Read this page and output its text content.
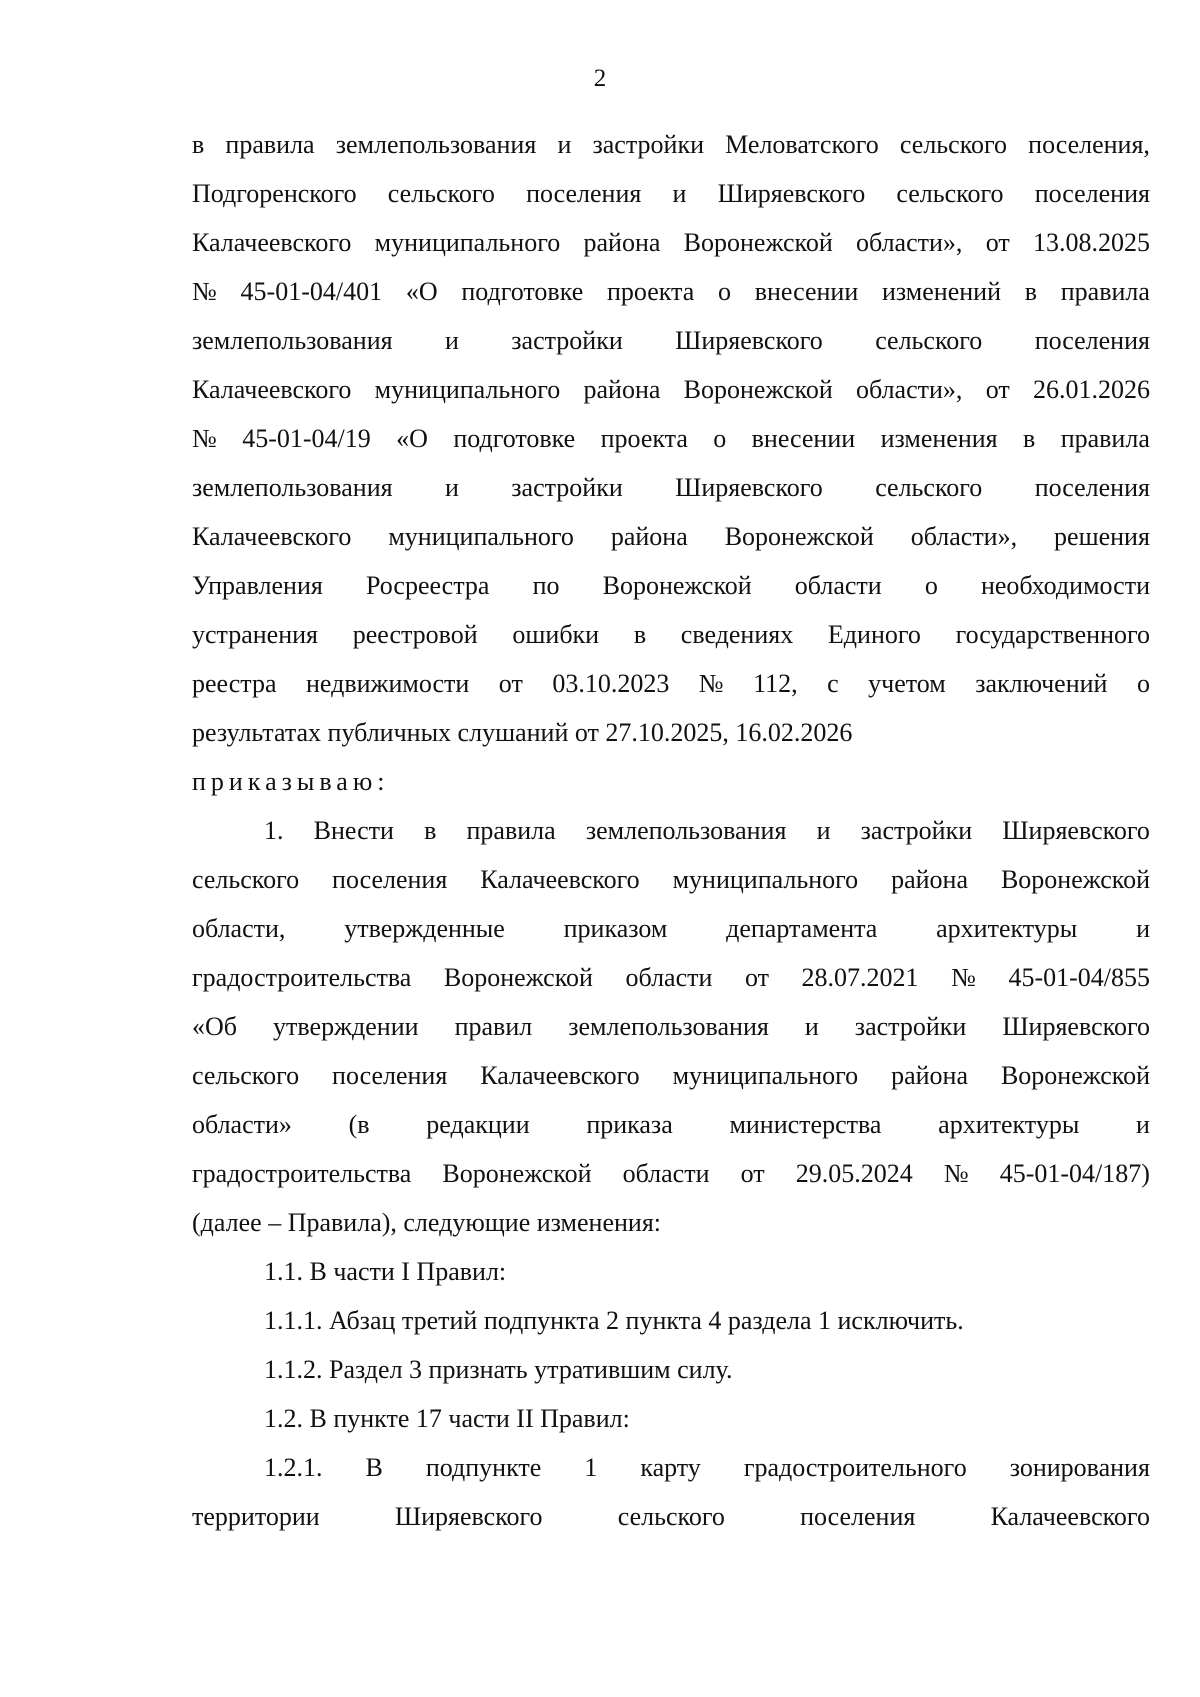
2
в правила землепользования и застройки Меловатского сельского поселения,
Подгоренского сельского поселения и Ширяевского сельского поселения
Калачеевского муниципального района Воронежской области», от 13.08.2025
№ 45-01-04/401 «О подготовке проекта о внесении изменений в правила
землепользования и застройки Ширяевского сельского поселения
Калачеевского муниципального района Воронежской области», от 26.01.2026
№ 45-01-04/19 «О подготовке проекта о внесении изменения в правила
землепользования и застройки Ширяевского сельского поселения
Калачеевского муниципального района Воронежской области», решения
Управления Росреестра по Воронежской области о необходимости
устранения реестровой ошибки в сведениях Единого государственного
реестра недвижимости от 03.10.2023 № 112, с учетом заключений о
результатах публичных слушаний от 27.10.2025, 16.02.2026
приказываю:
1. Внести в правила землепользования и застройки Ширяевского
сельского поселения Калачеевского муниципального района Воронежской
области, утвержденные приказом департамента архитектуры и
градостроительства Воронежской области от 28.07.2021 № 45-01-04/855
«Об утверждении правил землепользования и застройки Ширяевского
сельского поселения Калачеевского муниципального района Воронежской
области» (в редакции приказа министерства архитектуры и
градостроительства Воронежской области от 29.05.2024 № 45-01-04/187)
(далее – Правила), следующие изменения:
1.1. В части I Правил:
1.1.1. Абзац третий подпункта 2 пункта 4 раздела 1 исключить.
1.1.2. Раздел 3 признать утратившим силу.
1.2. В пункте 17 части II Правил:
1.2.1. В подпункте 1 карту градостроительного зонирования
территории	Ширяевского	сельского	поселения	Калачеевского
